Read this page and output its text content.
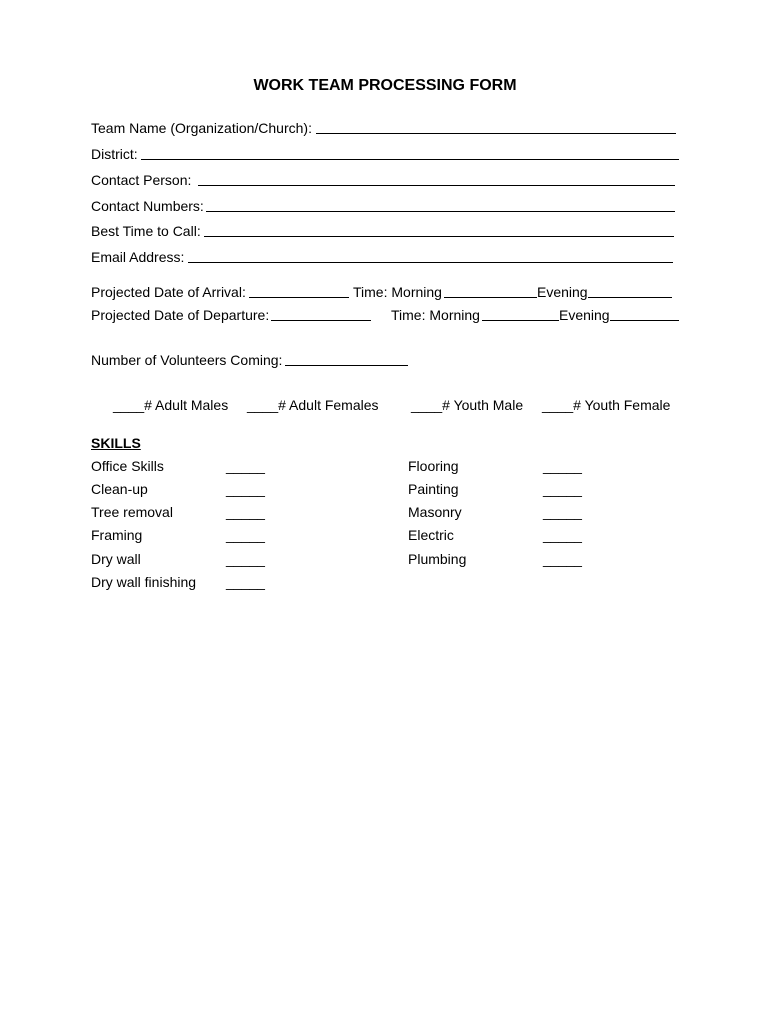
WORK TEAM PROCESSING FORM
Team Name (Organization/Church):
District:
Contact Person:
Contact Numbers:
Best Time to Call:
Email Address:
Projected Date of Arrival:	Time: Morning	Evening
Projected Date of Departure:	Time: Morning	Evening
Number of Volunteers Coming:
____# Adult Males ____# Adult Females ____# Youth Male ____# Youth Female
SKILLS
Office Skills	_____
Clean-up	_____
Tree removal	_____
Framing	_____
Dry wall	_____
Dry wall finishing _____
Flooring	_____
Painting	_____
Masonry	_____
Electric	_____
Plumbing	_____
